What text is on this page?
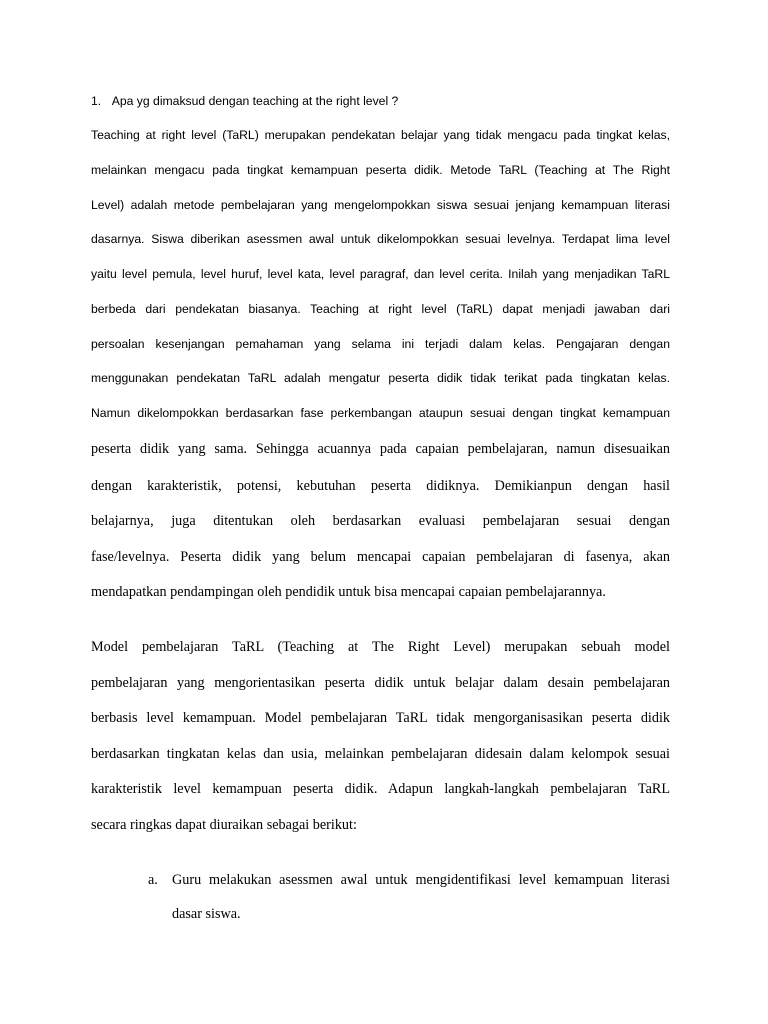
1. Apa yg dimaksud dengan teaching at the right level ?
Teaching at right level (TaRL) merupakan pendekatan belajar yang tidak mengacu pada tingkat kelas,
melainkan mengacu pada tingkat kemampuan peserta didik. Metode TaRL (Teaching at The Right
Level) adalah metode pembelajaran yang mengelompokkan siswa sesuai jenjang kemampuan literasi
dasarnya. Siswa diberikan asessmen awal untuk dikelompokkan sesuai levelnya. Terdapat lima level
yaitu level pemula, level huruf, level kata, level paragraf, dan level cerita. Inilah yang menjadikan TaRL
berbeda dari pendekatan biasanya. Teaching at right level (TaRL) dapat menjadi jawaban dari
persoalan kesenjangan pemahaman yang selama ini terjadi dalam kelas. Pengajaran dengan
menggunakan pendekatan TaRL adalah mengatur peserta didik tidak terikat pada tingkatan kelas.
Namun dikelompokkan berdasarkan fase perkembangan ataupun sesuai dengan tingkat kemampuan
peserta didik yang sama. Sehingga acuannya pada capaian pembelajaran, namun disesuaikan
dengan karakteristik, potensi, kebutuhan peserta didiknya. Demikianpun dengan hasil
belajarnya, juga ditentukan oleh berdasarkan evaluasi pembelajaran sesuai dengan
fase/levelnya. Peserta didik yang belum mencapai capaian pembelajaran di fasenya, akan
mendapatkan pendampingan oleh pendidik untuk bisa mencapai capaian pembelajarannya.
Model pembelajaran TaRL (Teaching at The Right Level) merupakan sebuah model
pembelajaran yang mengorientasikan peserta didik untuk belajar dalam desain pembelajaran
berbasis level kemampuan. Model pembelajaran TaRL tidak mengorganisasikan peserta didik
berdasarkan tingkatan kelas dan usia, melainkan pembelajaran didesain dalam kelompok sesuai
karakteristik level kemampuan peserta didik. Adapun langkah-langkah pembelajaran TaRL
secara ringkas dapat diuraikan sebagai berikut:
a. Guru melakukan asessmen awal untuk mengidentifikasi level kemampuan literasi
dasar siswa.
